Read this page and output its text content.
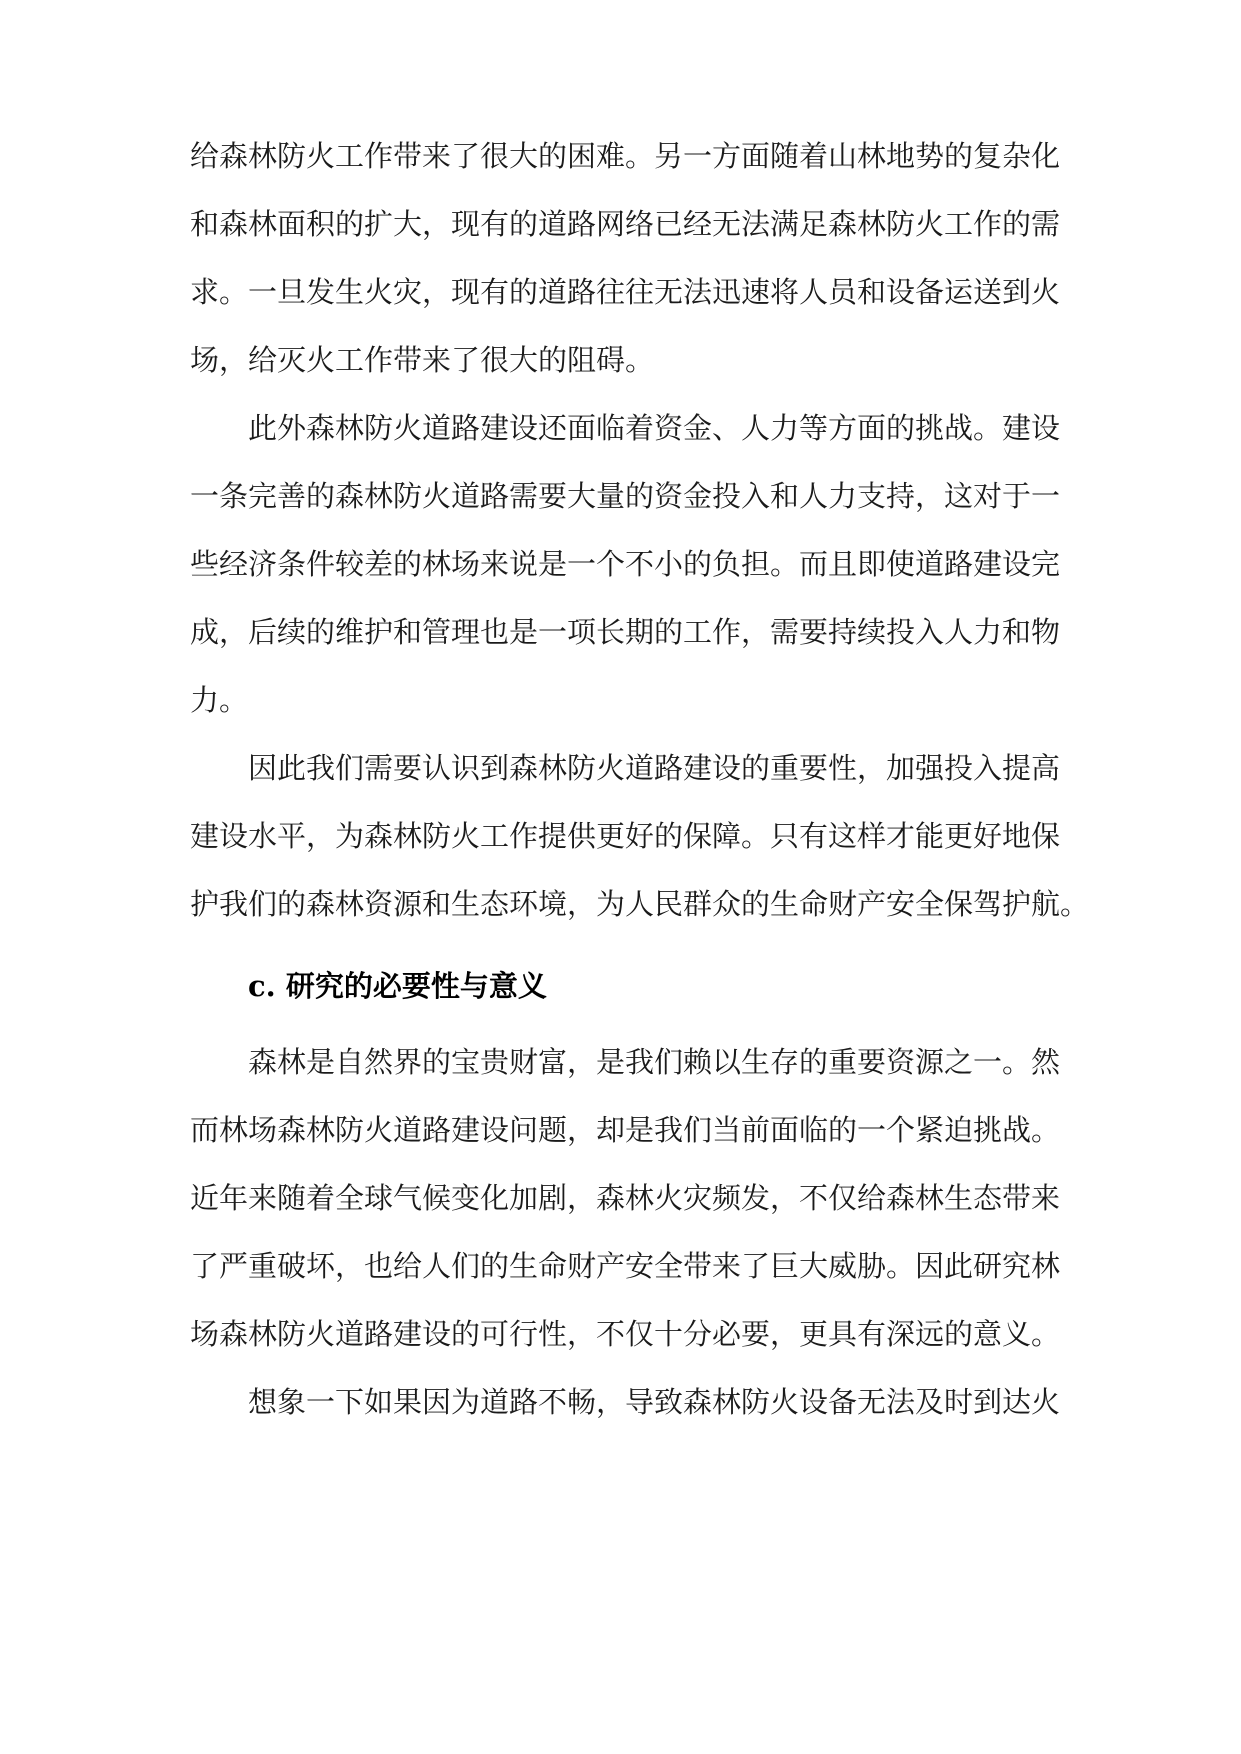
给森林防火工作带来了很大的困难。另一方面随着山林地势的复杂化

和森林面积的扩大，现有的道路网络已经无法满足森林防火工作的需

求。一旦发生火灾，现有的道路往往无法迅速将人员和设备运送到火

场，给灭火工作带来了很大的阻碍。

此外森林防火道路建设还面临着资金、人力等方面的挑战。建设

一条完善的森林防火道路需要大量的资金投入和人力支持，这对于一

些经济条件较差的林场来说是一个不小的负担。而且即使道路建设完

成，后续的维护和管理也是一项长期的工作，需要持续投入人力和物

力。

因此我们需要认识到森林防火道路建设的重要性，加强投入提高

建设水平，为森林防火工作提供更好的保障。只有这样才能更好地保

护我们的森林资源和生态环境，为人民群众的生命财产安全保驾护航。

c. 研究的必要性与意义

森林是自然界的宝贵财富，是我们赖以生存的重要资源之一。然

而林场森林防火道路建设问题，却是我们当前面临的一个紧迫挑战。

近年来随着全球气候变化加剧，森林火灾频发，不仅给森林生态带来

了严重破坏，也给人们的生命财产安全带来了巨大威胁。因此研究林

场森林防火道路建设的可行性，不仅十分必要，更具有深远的意义。

想象一下如果因为道路不畅，导致森林防火设备无法及时到达火
